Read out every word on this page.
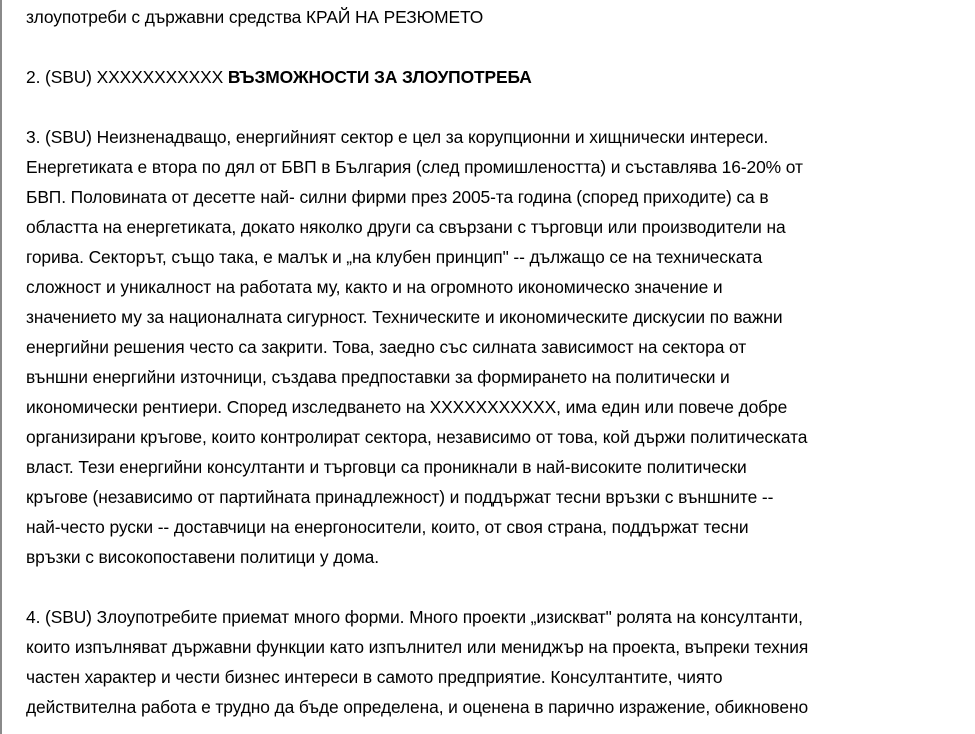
злоупотреби с държавни средства КРАЙ НА РЕЗЮМЕТО
2. (SBU) XXXXXXXXXXX ВЪЗМОЖНОСТИ ЗА ЗЛОУПОТРЕБА
3. (SBU) Неизненадващо, енергийният сектор е цел за корупционни и хищнически интереси.
Енергетиката е втора по дял от БВП в България (след промишлеността) и съставлява 16-20% от
БВП. Половината от десетте най- силни фирми през 2005-та година (според приходите) са в
областта на енергетиката, докато няколко други са свързани с търговци или производители на
горива. Секторът, също така, е малък и „на клубен принцип" -- дължащо се на техническата
сложност и уникалност на работата му, както и на огромното икономическо значение и
значението му за националната сигурност. Техническите и икономическите дискусии по важни
енергийни решения често са закрити. Това, заедно със силната зависимост на сектора от
външни енергийни източници, създава предпоставки за формирането на политически и
икономически рентиери. Според изследването на XXXXXXXXXXX, има един или повече добре
организирани кръгове, които контролират сектора, независимо от това, кой държи политическата
власт. Тези енергийни консултанти и търговци са проникнали в най-високите политически
кръгове (независимо от партийната принадлежност) и поддържат тесни връзки с външните --
най-често руски -- доставчици на енергоносители, които, от своя страна, поддържат тесни
връзки с високопоставени политици у дома.
4. (SBU) Злоупотребите приемат много форми. Много проекти „изискват" ролята на консултанти,
които изпълняват държавни функции като изпълнител или мениджър на проекта, въпреки техния
частен характер и чести бизнес интереси в самото предприятие. Консултантите, чиято
действителна работа е трудно да бъде определена, и оценена в парично изражение, обикновено
